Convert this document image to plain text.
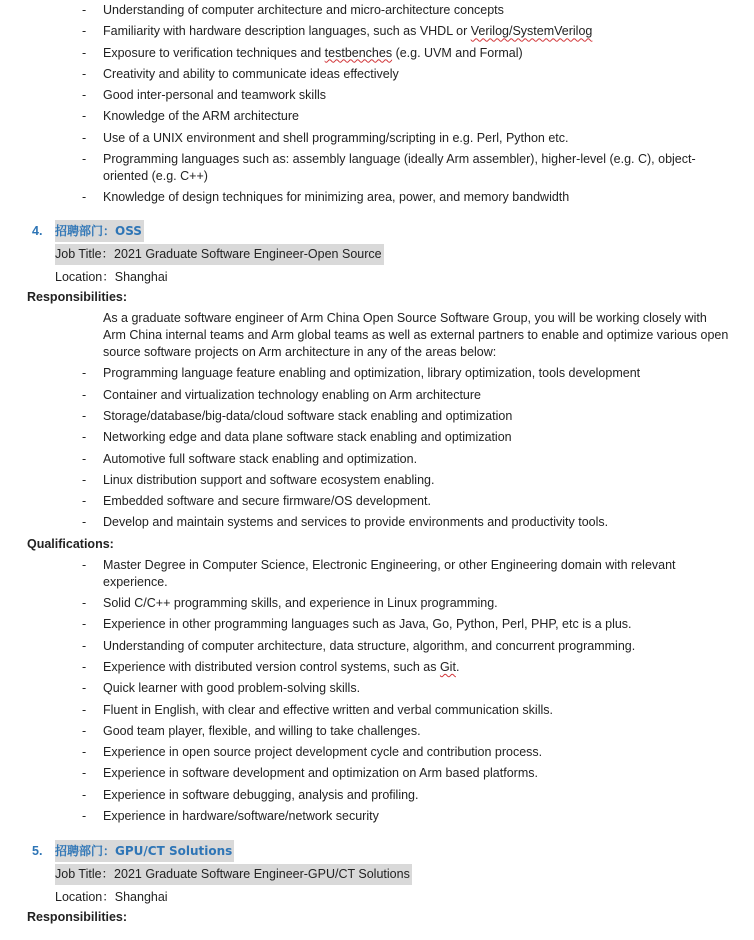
- Understanding of computer architecture and micro-architecture concepts
- Familiarity with hardware description languages, such as VHDL or Verilog/SystemVerilog
- Exposure to verification techniques and testbenches (e.g. UVM and Formal)
- Creativity and ability to communicate ideas effectively
- Good inter-personal and teamwork skills
- Knowledge of the ARM architecture
- Use of a UNIX environment and shell programming/scripting in e.g. Perl, Python etc.
- Programming languages such as: assembly language (ideally Arm assembler), higher-level (e.g. C), object-oriented (e.g. C++)
- Knowledge of design techniques for minimizing area, power, and memory bandwidth
4. 招聘部门：OSS
Job Title：2021 Graduate Software Engineer-Open Source
Location：Shanghai
Responsibilities:
As a graduate software engineer of Arm China Open Source Software Group, you will be working closely with Arm China internal teams and Arm global teams as well as external partners to enable and optimize various open source software projects on Arm architecture in any of the areas below:
- Programming language feature enabling and optimization, library optimization, tools development
- Container and virtualization technology enabling on Arm architecture
- Storage/database/big-data/cloud software stack enabling and optimization
- Networking edge and data plane software stack enabling and optimization
- Automotive full software stack enabling and optimization.
- Linux distribution support and software ecosystem enabling.
- Embedded software and secure firmware/OS development.
- Develop and maintain systems and services to provide environments and productivity tools.
Qualifications:
- Master Degree in Computer Science, Electronic Engineering, or other Engineering domain with relevant experience.
- Solid C/C++ programming skills, and experience in Linux programming.
- Experience in other programming languages such as Java, Go, Python, Perl, PHP, etc is a plus.
- Understanding of computer architecture, data structure, algorithm, and concurrent programming.
- Experience with distributed version control systems, such as Git.
- Quick learner with good problem-solving skills.
- Fluent in English, with clear and effective written and verbal communication skills.
- Good team player, flexible, and willing to take challenges.
- Experience in open source project development cycle and contribution process.
- Experience in software development and optimization on Arm based platforms.
- Experience in software debugging, analysis and profiling.
- Experience in hardware/software/network security
5. 招聘部门：GPU/CT Solutions
Job Title：2021 Graduate Software Engineer-GPU/CT Solutions
Location：Shanghai
Responsibilities:
